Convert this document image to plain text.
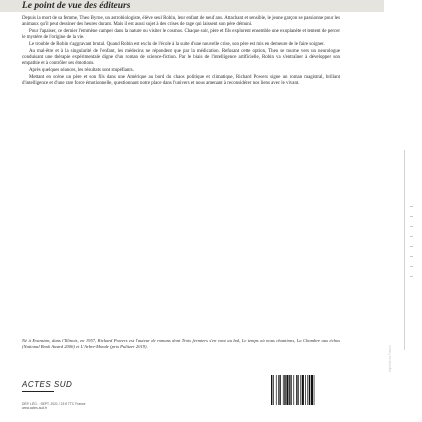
Le point de vue des éditeurs

Depuis la mort de sa femme, Theo Byrne, un astrobiologiste, élève seul Robin, leur enfant de neuf ans. Attachant et sensible, le jeune garçon se passionne pour les animaux qu'il peut dessiner des heures durant. Mais il est aussi sujet à des crises de rage qui laissent son père démuni.

Pour l'apaiser, ce dernier l'emmène camper dans la nature ou visiter le cosmos. Chaque soir, père et fils explorent ensemble une exoplanète et tentent de percer le mystère de l'origine de la vie.

Le trouble de Robin s'aggravant brutal. Quand Robin est exclu de l'école à la suite d'une nouvelle crise, son père est mis en demeure de le faire soigner.

Au mal-être et à la singularité de l'enfant, les médecins ne répondent que par la médication. Refusant cette option, Theo se tourne vers un neurologue conduisant une thérapie expérimentale digne d'un roman de science-fiction. Par le biais de l'intelligence artificielle, Robin va s'entraîner à développer son empathie et à contrôler ses émotions.

Après quelques séances, les résultats sont stupéfiants.

Mettant en scène un père et son fils dans une Amérique au bord du chaos politique et climatique, Richard Powers signe un roman magistral, brillant d'intelligence et d'une rare force émotionnelle, questionnant notre place dans l'univers et nous amenant à reconsidérer nos liens avec le vivant.

Né à Evanston, dans l'Illinois, en 1957, Richard Powers est l'auteur de romans dont Trois fermiers s'en vont au bal, Le temps où nous chantions, La Chambre aux échos (National Book Award 2006) et L'Arbre-Monde (prix Pulitzer 2019).
ACTES SUD
DÉP. LÉG. : SEPT. 2021 / 23 € TTC France
www.actes-sud.fr
Imprimé en France
